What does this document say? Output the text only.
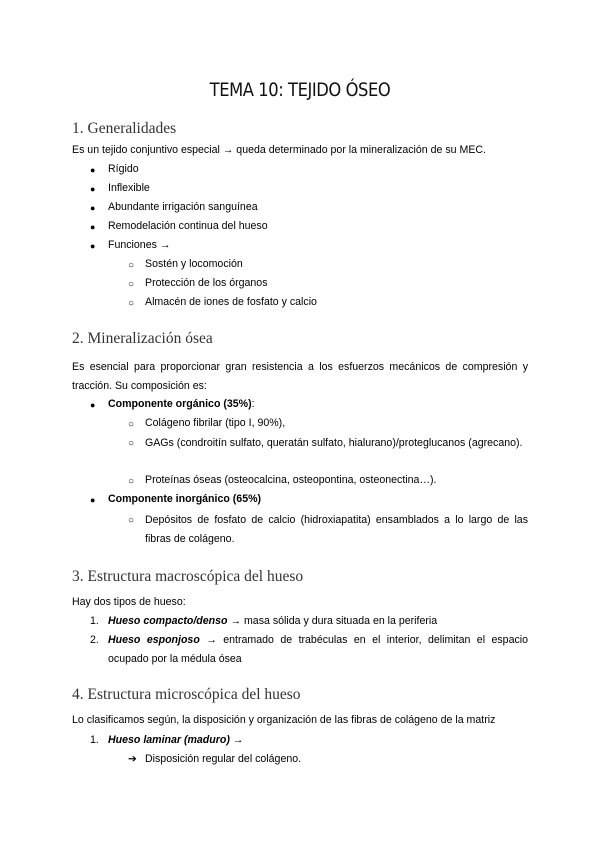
TEMA 10: TEJIDO ÓSEO
1. Generalidades
Es un tejido conjuntivo especial → queda determinado por la mineralización de su MEC.
● Rígido
● Inflexible
● Abundante irrigación sanguínea
● Remodelación continua del hueso
● Funciones →
○ Sostén y locomoción
○ Protección de los órganos
○ Almacén de iones de fosfato y calcio
2. Mineralización ósea
Es esencial para proporcionar gran resistencia a los esfuerzos mecánicos de compresión y tracción. Su composición es:
● Componente orgánico (35%):
○ Colágeno fibrilar (tipo I, 90%),
○ GAGs (condroitín sulfato, queratán sulfato, hialurano)/proteglucanos (agrecano).
○ Proteínas óseas (osteocalcina, osteopontina, osteonectina…).
● Componente inorgánico (65%)
○ Depósitos de fosfato de calcio (hidroxiapatita) ensamblados a lo largo de las fibras de colágeno.
3. Estructura macroscópica del hueso
Hay dos tipos de hueso:
1. Hueso compacto/denso → masa sólida y dura situada en la periferia
2. Hueso esponjoso → entramado de trabéculas en el interior, delimitan el espacio ocupado por la médula ósea
4. Estructura microscópica del hueso
Lo clasificamos según, la disposición y organización de las fibras de colágeno de la matriz
1. Hueso laminar (maduro) →
➔ Disposición regular del colágeno.
